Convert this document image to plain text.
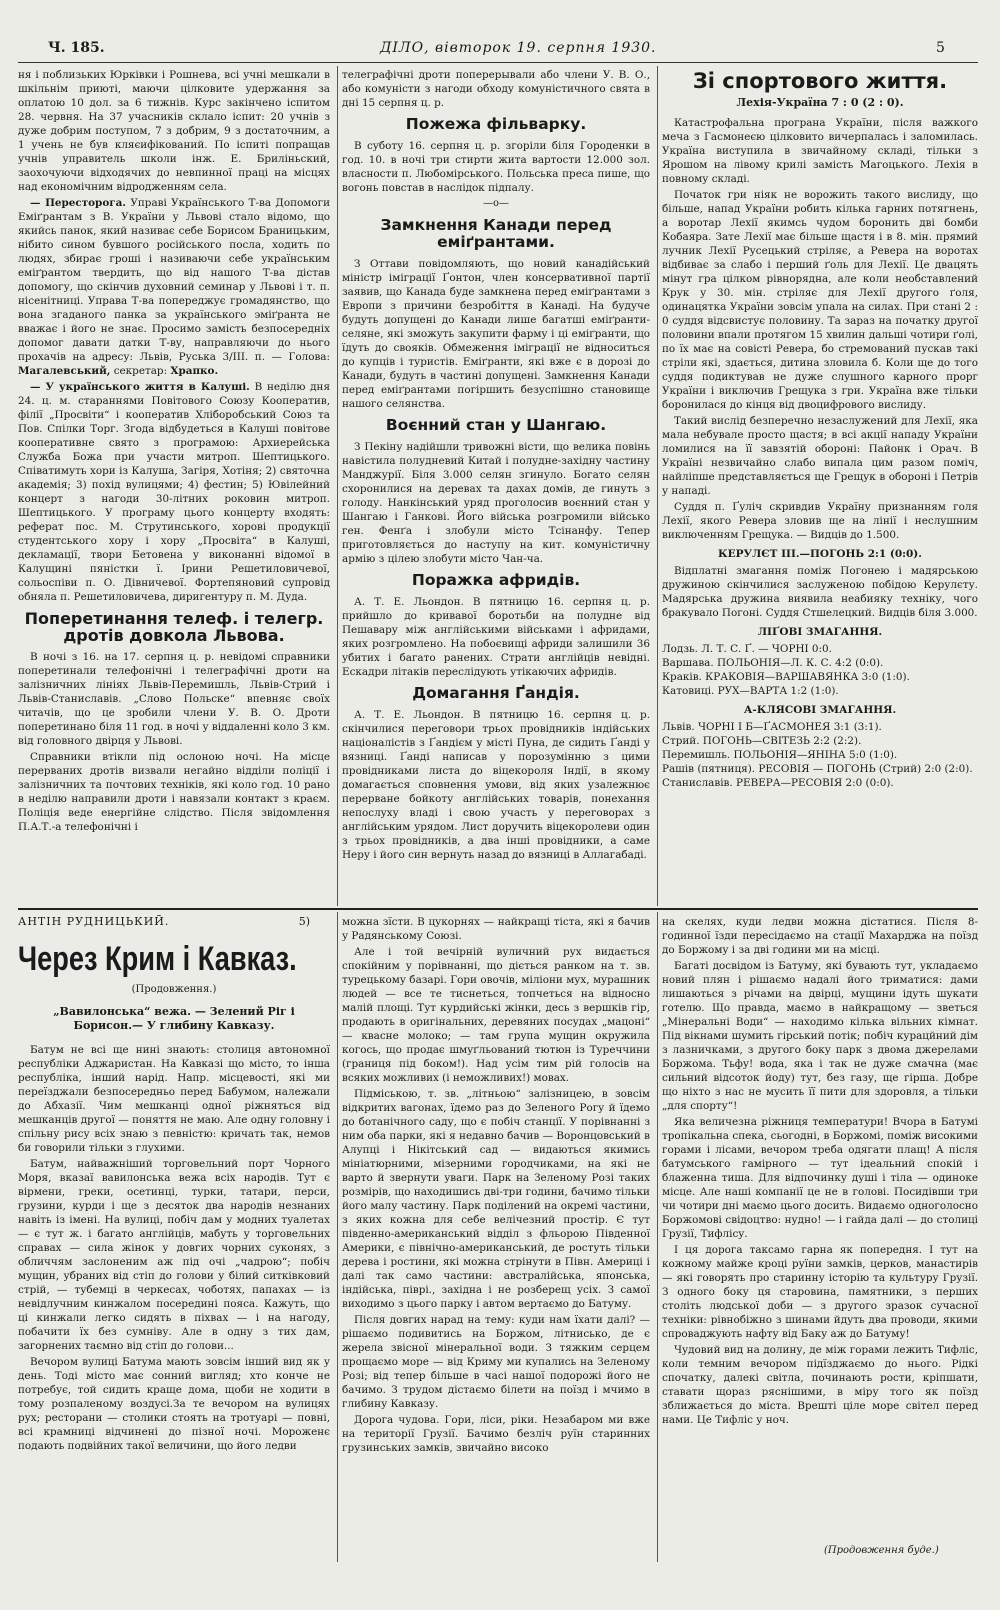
Ч. 185.	ДІЛО, вівторок 19. серпня 1930.	5

ня і поблизьких Юрківки і Рошнева, всі учні мешкали в шкільнім приюті, маючи цілковите удержання за оплатою 10 дол. за 6 тижнів. Курс закінчено іспитом 28. червня. На 37 учасників склало іспит: 20 учнів з дуже добрим поступом, 7 з добрим, 9 з достаточним, а 1 учень не був кляєифікований. По іспиті попращав учнів управитель школи інж. Е. Бриліньский, заохочуючи відходячих до невпинної праці на місцях над економічним відродженням села.

— Пересторога. Управі Українського Т-ва Допомоги Еміґрантам з В. України у Львові стало відомо, що якийсь панок, який називає себе Борисом Браницьким, нібито сином бувшого російського посла, ходить по людях, збирає гроші і називаючи себе українським еміґрантом твердить, що від нашого Т-ва дістав допомогу, що скінчив духовний семинар у Львові і т. п. нісенітниці. Управа Т-ва попереджує громадянство, що вона згаданого панка за українського эміґранта не вважає і його не знає. Просимо замість безпосередніх допомог давати датки Т-ву, направляючи до нього прохачів на адресу: Львів, Руська 3/ІІІ. п. — Голова: Магалевський, секретар: Храпко.

— У українського життя в Калуші. В неділю дня 24. ц. м. стараннями Повітового Союзу Кооператив, філії „Просвіти“ і кооператив Хліборобський Союз та Пов. Спілки Торг. Згода відбудеться в Калуші повітове кооперативне свято з програмою: Архиерейська Служба Божа при участи митроп. Шептицького. Співатимуть хори із Калуша, Загіря, Хотіня; 2) святочна академія; 3) похід вулицями; 4) фестин; 5) Ювілейний концерт з нагоди 30-літних роковин митроп. Шептицького. У програму цього концерту входять: реферат пос. М. Струтинського, хорові продукції студентського хору і хору „Просвіта“ в Калуші, декламації, твори Бетовена у виконанні відомої в Калущині пяністки ї. Ірини Решетиловичевої, сольоспіви п. О. Дівничевої. Фортепяновий супровід обняла п. Решетиловичева, диригентуру п. М. Дуда.

Поперетинання телеф. і телегр. дротів довкола Львова.

В ночі з 16. на 17. серпня ц. р. невідомі справники поперетинали телефонічні і телеграфічні дроти на залізничних лініях Львів-Перемишль, Львів-Стрий і Львів-Станиславів. „Слово Польске“ впевняє своїх читачів, що це зробили члени У. В. О. Дроти поперетинано біля 11 год. в ночі у віддаленні коло 3 км. від головного двірця у Львові.

Справники втікли під ослоною ночі. На місце перерваних дротів визвали негайно відділи поліції і залізничних та почтових техніків, які коло год. 10 рано в неділю направили дроти і навязали контакт з краєм. Поліція веде енергійне слідство. Після звідомлення П.А.Т.-а телефонічні і

телеграфічні дроти поперерывали або члени У. В. О., або комуністи з нагоди обходу комуністичного свята в дні 15 серпня ц. р.

Пожежа фільварку.

В суботу 16. серпня ц. р. згоріли біля Городенки в год. 10. в ночі три стирти жита вартости 12.000 зол. власности п. Любомірського. Польська преса пише, що вогонь повстав в наслідок підпалу.

—о—
Замкнення Канади перед еміґрантами.

З Оттави повідомляють, що новий канадійський міністр іміграції Ґонтон, член консервативної партії заявив, що Канада буде замкнена перед еміґрантами з Европи з причини безробіття в Канаді. На будуче будуть допущені до Канади лише багатші еміґранти-селяне, які зможуть закупити фарму і ці еміґранти, що їдуть до свояків. Обмеження іміграції не відноситься до купців і туристів. Еміґранти, які вже є в дорозі до Канади, будуть в частині допущені. Замкнення Канади перед еміґрантами погіршить безуспішно становище нашого селянства.

Воєнний стан у Шангаю.

З Пекіну надійшли тривожні вісти, що велика повінь навістила полудневий Китай і полудне-західну частину Манджурії. Біля 3.000 селян згинуло. Богато селян схоронилися на деревах та дахах домів, де гинуть з голоду. Нанкінський уряд проголосив воєнний стан у Шангаю і Ганкові. Його війська розгромили військо ген. Фенґа і злобули місто Тсінанфу. Тепер приготовляється до наступу на кит. комуністичну армію з цілею злобути місто Чан-ча.

Поражка афридів.

А. Т. Е. Льондон. В пятницю 16. серпня ц. р. прийшло до кривавої боротьби на полудне від Пешавару між англійськими військами і афридами, яких розгромлено. На побоєвищі африди залишили 36 убитих і багато ранених. Страти англійців невідні. Ескадри літаків переслідують утікаючих афридів.

Домагання Ґандія.

А. Т. Е. Льондон. В пятницю 16. серпня ц. р. скінчилися переговори трьох провідників індійських націоналістів з Ґандієм у місті Пуна, де сидить Ґанді у вязниці. Ґанді написав у порозумінню з цими провідниками листа до віцекороля Індії, в якому домагається сповнення умови, від яких узалежнює перерване бойкоту англійських товарів, понехання непослуху владі і свою участь у переговорах з англійським урядом. Лист доручить віцекоролеви один з трьох провідників, а два інші провідники, а саме Неру і його син вернуть назад до вязниці в Аллагабаді.

Зі спортового життя.
Лехія-Україна 7 : 0 (2 : 0).

Катастрофальна програна України, після важкого меча з Гасмонеєю цілковито вичерпалась і заломилась. Україна виступила в звичайному складі, тільки з Ярошом на лівому крилі замість Магоцького. Лехія в повному складі.

Початок гри ніяк не ворожить такого вислиду, що більше, напад України робить кілька гарних потягнень, а воротар Лехії якимсь чудом боронить дві бомби Кобаяра. Зате Лехії має більше щастя і в 8. мін. прямий лучник Лехії Русецький стріляє, а Ревера на воротах відбиває за слабо і перший ґоль для Лехії. Це двацять мінут гра цілком рівнорядна, але коли необставлений Крук у 30. мін. стріляє для Лехії другого ґоля, одинацятка України зовсім упала на силах. При стані 2 : 0 суддя відсвистує половину. Та зараз на початку другої половини впали протягом 15 хвилин дальші чотири ґолі, по їх має на совісті Ревера, бо стремований пускав такі стріли які, здається, дитина зловила б. Коли ще до того суддя подиктував не дуже слушного карного прорг України і виключив Грещука з гри. Україна вже тільки боронилася до кінця від двоцифрового вислиду.

Такий вислід безперечно незаслужений для Лехії, яка мала небувале просто щастя; в всі акції нападу України ломилися на її завзятій обороні: Пайонк і Орач. В Україні незвичайно слабо випала цим разом поміч, найліпше представляється ще Грещук в обороні і Петрів у нападі.

Суддя п. Ґуліч скривдив Україну признанням голя Лехії, якого Ревера зловив ще на лінії і неслушним виключенням Грещука. — Видців до 1.500.

КЕРУЛЄТ III.—ПОГОНЬ 2:1 (0:0).

Відплатні змагання поміж Погонею і мадярською дружиною скінчилися заслуженою побідою Керулєту. Мадярська дружина виявила неабияку техніку, чого бракувало Погоні. Суддя Стшелецкий. Видців біля 3.000.

ЛІҐОВІ ЗМАГАННЯ.

Лодзь. Л. Т. С. Ґ. — ЧОРНІ 0:0.

Варшава. ПОЛЬОНІЯ—Л. К. С. 4:2 (0:0).

Краків. КРАКОВІЯ—ВАРШАВЯНКА 3:0 (1:0).

Катовиці. РУХ—ВАРТА 1:2 (1:0).

А-КЛЯСОВІ ЗМАГАННЯ.

Львів. ЧОРНІ І Б—ҐАСМОНЕЯ 3:1 (3:1).

Стрий. ПОГОНЬ—СВІТЕЗЬ 2:2 (2:2).

Перемишль. ПОЛЬОНІЯ—ЯНІНА 5:0 (1:0).

Рашів (пятниця). РЕСОВІЯ — ПОГОНЬ (Стрий) 2:0 (2:0).

Станиславів. РЕВЕРА—РЕСОВІЯ 2:0 (0:0).

АНТІН РУДНИЦЬКИЙ.	5)
Через Крим і Кавказ.
(Продовження.)
„Вавилонська“ вежа. — Зелений Ріг і Борисон.— У глибину Кавказу.

Батум не всі ще нині знають: столиця автономної республіки Аджаристан. На Кавказі що місто, то інша республіка, інший нарід. Напр. місцевості, які ми переїзджали безпосередньо перед Бабумом, належали до Абхазії. Чим мешканці одної ріжняться від мешканців другої — поняття не маю. Але одну головну і спільну рису всіх знаю з певністю: кричать так, немов би говорили тільки з глухими.

Батум, найважніший торговельний порт Чорного Моря, вказаї вавилонська вежа всіх народів. Тут є вірмени, греки, осетинці, турки, татари, перси, грузини, курди і ще з десяток два народів незнаних навіть із імені. На вулиці, побіч дам у модних туалетах — є тут ж. і багато англійців, мабуть у торговельних справах — сила жінок у довгих чорних суконях, з обличчям заслоненим аж під очі „чадрою“; побіч мущин, убраних від стіп до голови у білий ситківковий стрій, — тубемці в черкесах, чоботях, папахах — із невідлучним кинжалом посередині пояса. Кажуть, що ці кинжали легко сидять в піхвах — і на нагоду, побачити їх без сумніву. Але в одну з тих дам, загорнених таємно від стіп до голови...

Вечором вулиці Батума мають зовсім інший вид як у день. Тоді місто має сонний вигляд; хто конче не потребує, той сидить краще дома, щоби не ходити в тому розпаленому воздусі.За те вечором на вулицях рух; ресторани — столики стоять на тротуарі — повні, всі крамниці відчинені до пізної ночі. Мороженє подають подвійних такої величини, що його ледви

можна зїсти. В цукорнях — найкращі тіста, які я бачив у Радянському Союзі.

Але і той вечірній вуличний рух видається спокійним у порівнанні, що діється ранком на т. зв. турецькому базарі. Гори овочів, міліони мух, мурашник людей — все те тиснеться, топчеться на відносно малій площі. Тут курдийські жінки, десь з вершків гір, продають в оригінальних, деревяних посудах „мацоні“ — квасне молоко; — там група мущин окружила когось, що продає шмуґльований тютюн із Туреччини (границя під боком!). Над усім тим рій голосів на всяких можливих (і неможливих!) мовах.

Підміською, т. зв. „літньою“ залізницею, в зовсім відкритих вагонах, їдемо раз до Зеленого Рогу й їдемо до ботанічного саду, що є побіч станції. У порівнанні з ним оба парки, які я недавно бачив — Воронцовський в Алупці і Нікітський сад — видаються якимись мініатюрними, мізерними городчиками, на які не варто й звернути уваги. Парк на Зеленому Розі таких розмірів, що находишись дві-три години, бачимо тільки його малу частину. Парк поділений на окремі частини, з яких кожна для себе велічезний простір. Є тут південно-американський відділ з фльорою Південної Америки, є північно-американський, де ростуть тільки дерева і ростини, які можна стрінути в Півн. Америці і далі так само частини: австралійська, японська, індійська, піврі., західна і не розберещ усіх. З самої виходимо з цього парку і автом вертаємо до Батуму.

Після довгих нарад на тему: куди нам їхати далі? — рішаємо подивитись на Боржом, літнисько, де є жерела звісної мінеральної води. З тяжким серцем прощаємо море — від Криму ми купались на Зеленому Розі; від тепер більше в часі нашої подорожі його не бачимо. З трудом дістаємо білети на поїзд і мчимо в глибину Кавказу.

Дорога чудова. Гори, ліси, ріки. Незабаром ми вже на території Грузії. Бачимо безліч руїн старинних грузинських замків, звичайно високо

на скелях, куди ледви можна дістатися. Після 8-годинної їзди пересідаємо на стації Махарджа на поїзд до Боржому і за дві години ми на місці.

Багаті досвідом із Батуму, які бувають тут, укладаємо новий плян і рішаємо надалі його триматися: дами лишаються з річами на двірці, мущини ідуть шукати готелю. Що правда, маємо в найкращому — зветься „Мінеральні Води“ — находимо кілька вільних кімнат. Під вікнами шумить гірський потік; побіч курацйний дім з лазничками, з другого боку парк з двома джерелами Боржома. Тьфу! вода, яка і так не дуже смачна (має сильний відсоток йоду) тут, без газу, ще гірша. Добре що ніхто з нас не мусить її пити для здоровля, а тільки „для спорту“!

Яка величезна ріжниця температури! Вчора в Батумі тропікальна спека, сьогодні, в Боржомі, поміж високими горами і лісами, вечором треба одягати плащ! А після батумського гамірного — тут ідеальний спокій і блаженна тиша. Для відпочинку душі і тіла — одиноке місце. Але наші компанії це не в голові. Посидівши три чи чотири дні маємо цього досить. Видаємо одноголосно Боржомові свідоцтво: нудно! — і гайда далі — до столиці Грузії, Тифлісу.

І ця дорога таксамо гарна як попередня. І тут на кожному майже кроці руїни замків, церков, манастирів — які говорять про старинну історію та культуру Грузії. З одного боку ця старовина, памятники, з перших століть людської доби — з другого зразок сучасної техніки: рівнобіжно з шинами йдуть два проводи, якими спроваджують нафту від Баку аж до Батуму!

Чудовий вид на долину, де між горами лежить Тифліс, коли темним вечором підїзджаємо до нього. Рідкі спочатку, далекі світла, починають рости, кріпшати, ставати щораз ряснішими, в міру того як поїзд зближається до міста. Врешті ціле море світел перед нами. Це Тифліс у ноч.

(Продовження буде.)
